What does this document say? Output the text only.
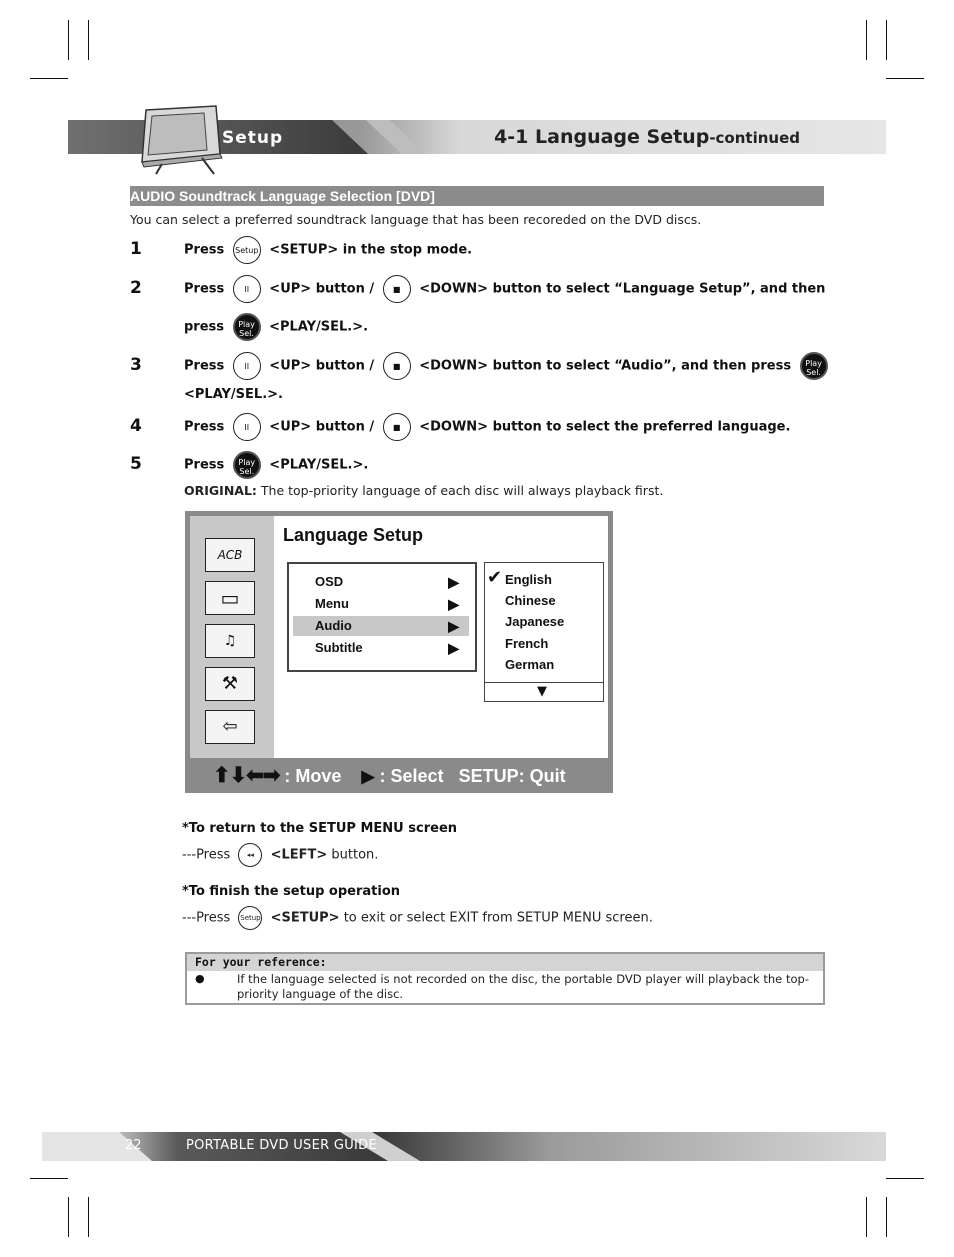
Setup	4-1 Language Setup-continued
AUDIO Soundtrack Language Selection [DVD]
You can select a preferred soundtrack language that has been recoreded on the DVD discs.
1	Press Setup <SETUP> in the stop mode.
2	Press	II <UP> button / ■ <DOWN> button to select “Language Setup”, and then
press Play
Sel. <PLAY/SEL.>.
3	Press	II <UP> button / ■ <DOWN> button to select “Audio”, and then press Play
Sel.
<PLAY/SEL.>.
4	Press	II <UP> button / ■ <DOWN> button to select the preferred language.
5	Press Play
Sel. <PLAY/SEL.>.
ORIGINAL: The top-priority language of each disc will always playback first.
ACB
▭
♫
⚒
⇦
Language Setup
OSD	▶
Menu	▶
Audio	▶
Subtitle	▶
✔ English
Chinese
Japanese
French
German
▼
⬆⬇⬅➡ : Move ▶ : Select SETUP: Quit
*To return to the SETUP MENU screen
---Press ◂◂ <LEFT> button.
*To finish the setup operation
---Press Setup <SETUP> to exit or select EXIT from SETUP MENU screen.
For your reference:
●	If the language selected is not recorded on the disc, the portable DVD player will playback the top-priority language of the disc.
22	PORTABLE DVD USER GUIDE
